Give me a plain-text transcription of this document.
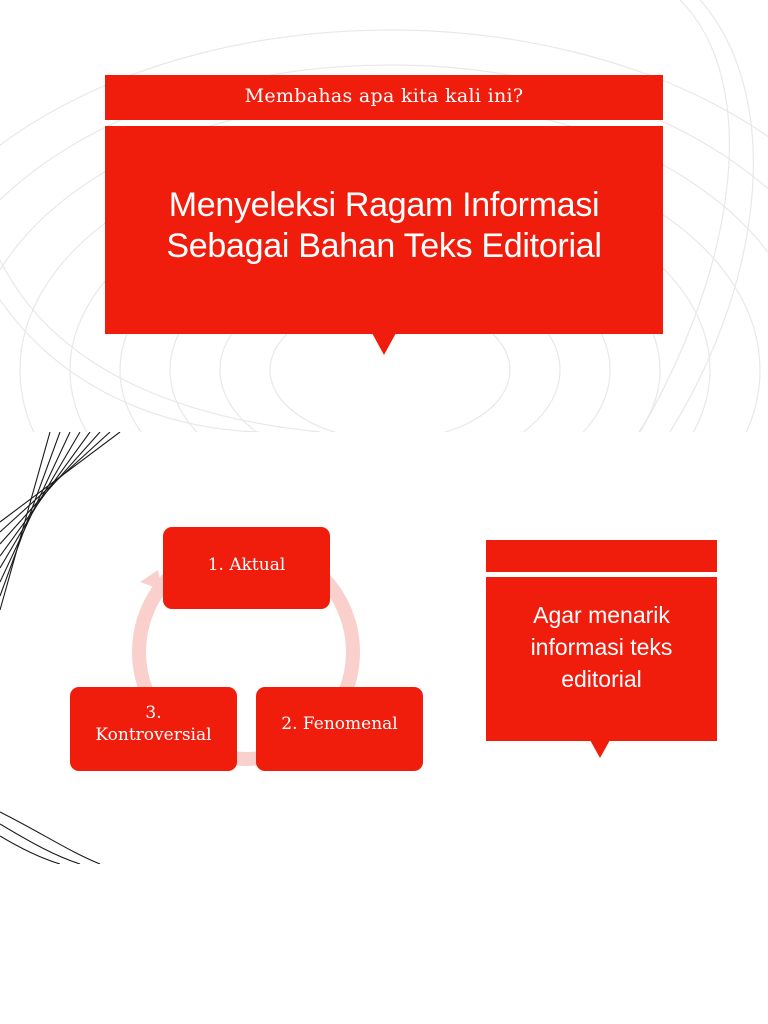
Membahas apa kita kali ini?
Menyeleksi Ragam Informasi
Sebagai Bahan Teks Editorial
1. Aktual
2. Fenomenal
3.
Kontroversial
Agar menarik
informasi teks
editorial
